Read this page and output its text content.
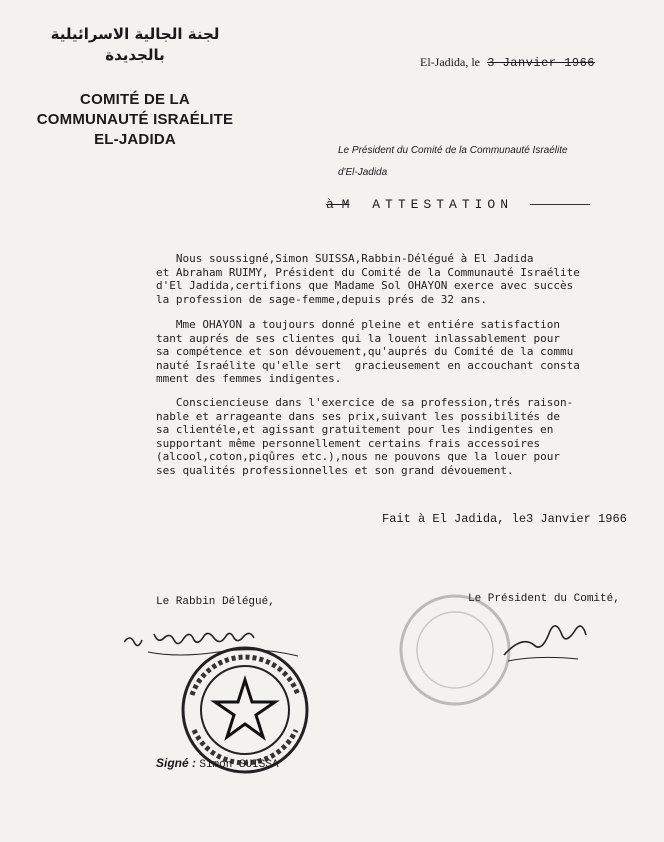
لجنة الجالية الاسرائيلية
بالجديدة
COMITÉ DE LA
COMMUNAUTÉ ISRAÉLITE
EL-JADIDA
El-Jadida, le 3 Janvier 1966
Le Président du Comité de la Communauté Israélite
d'El-Jadida
à M ATTESTATION
Nous soussigné,Simon SUISSA,Rabbin-Délégué à El Jadida
et Abraham RUIMY, Président du Comité de la Communauté Israélite
d'El Jadida,certifions que Madame Sol OHAYON exerce avec succès
la profession de sage-femme,depuis prés de 32 ans.
Mme OHAYON a toujours donné pleine et entiére satisfaction
tant auprés de ses clientes qui la louent inlassablement pour
sa compétence et son dévouement,qu'auprés du Comité de la commu
nauté Israélite qu'elle sert  gracieusement en accouchant consta
mment des femmes indigentes.
Consciencieuse dans l'exercice de sa profession,trés raison-
nable et arrageante dans ses prix,suivant les possibilités de
sa clientéle,et agissant gratuitement pour les indigentes en
supportant même personnellement certains frais accessoires
(alcool,coton,piqûres etc.),nous ne pouvons que la louer pour
ses qualités professionnelles et son grand dévouement.
Fait à El Jadida, le3 Janvier 1966
Le Rabbin Délégué,	Le Président du Comité,
Signé : Simon SUISSA
